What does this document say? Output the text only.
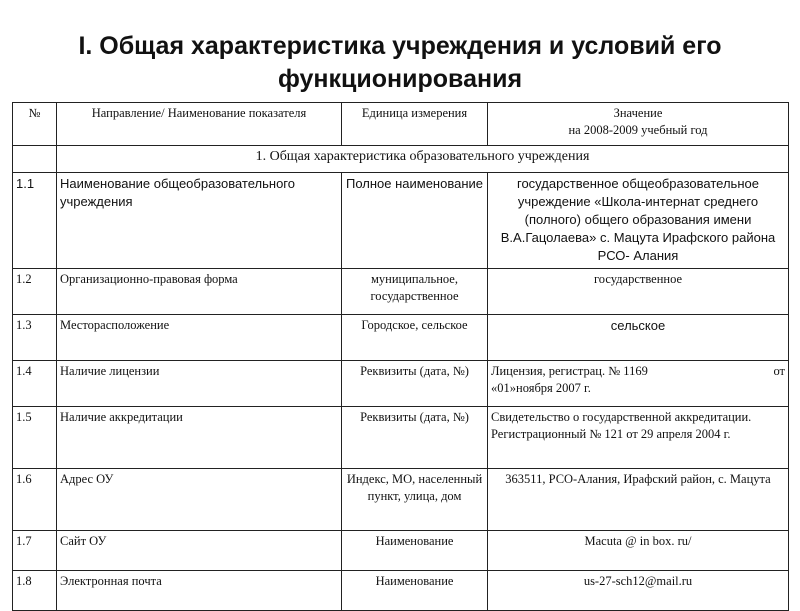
I. Общая характеристика учреждения и условий его
функционирования
№	Направление/ Наименование показателя	Единица измерения	Значение
на 2008-2009 учебный год

	1. Общая характеристика образовательного учреждения		
1.1	Наименование общеобразовательного учреждения	Полное наименование	государственное общеобразовательное учреждение «Школа-интернат среднего (полного) общего образования имени В.А.Гацолаева» с. Мацута Ирафского района РСО- Алания
1.2	Организационно-правовая форма	муниципальное, государственное	государственное
1.3	Месторасположение	Городское, сельское	сельское
1.4	Наличие лицензии	Реквизиты (дата, №)	Лицензия, регистрац. № 1169 от
«01»ноября 2007 г.

1.5	Наличие аккредитации	Реквизиты (дата, №)	Свидетельство о государственной аккредитации. Регистрационный № 121 от 29 апреля 2004 г.
1.6	Адрес ОУ	Индекс, МО, населенный пункт, улица, дом	363511, РСО-Алания, Ирафский район, с. Мацута
1.7	Сайт ОУ	Наименование	Macuta @ in box. ru/
1.8	Электронная почта	Наименование	us-27-sch12@mail.ru
